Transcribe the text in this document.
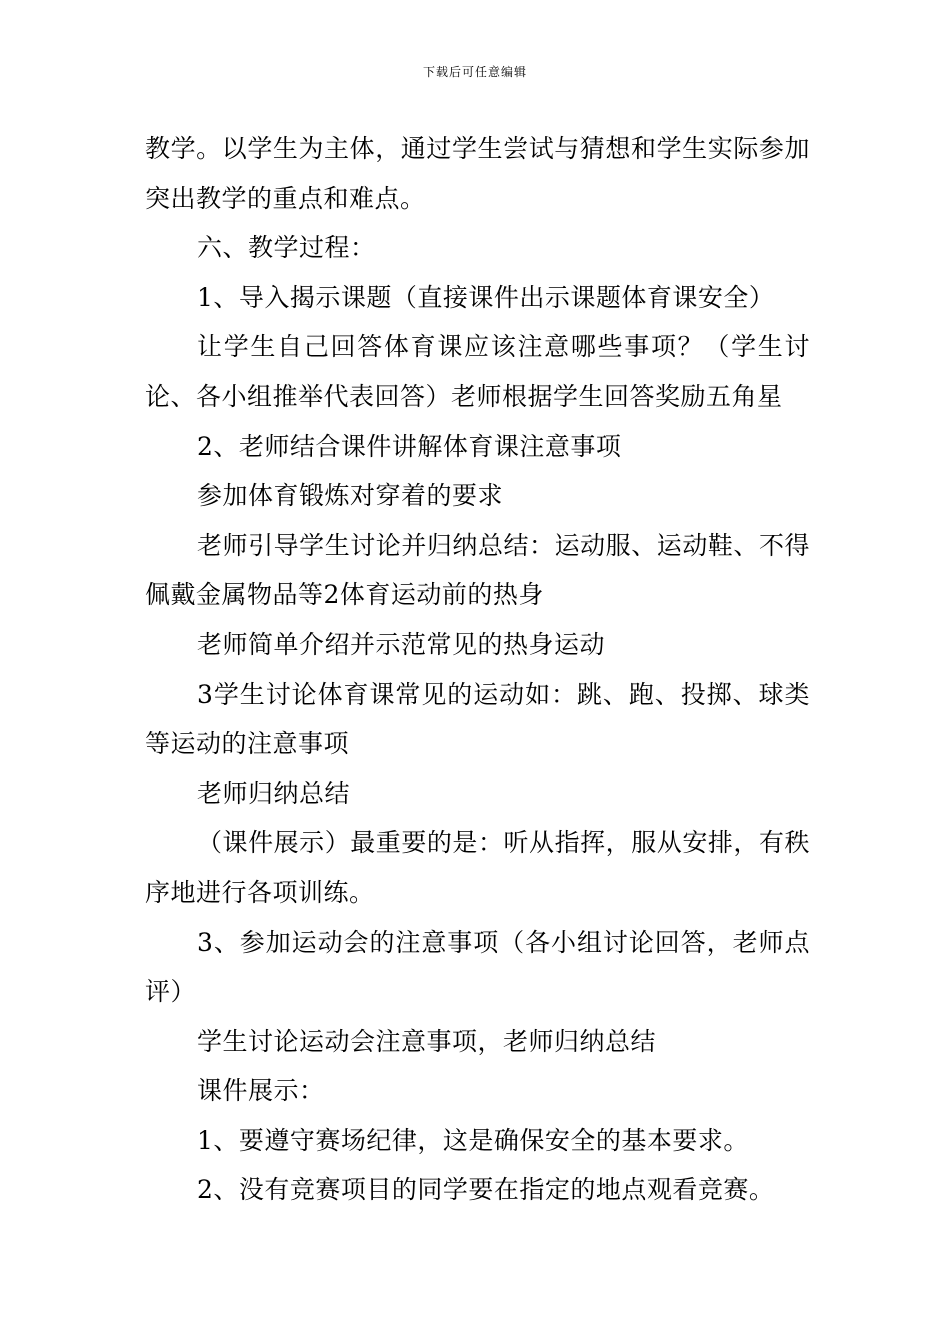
下载后可任意编辑

教学。以学生为主体，通过学生尝试与猜想和学生实际参加突出教学的重点和难点。

六、教学过程：

1、导入揭示课题（直接课件出示课题体育课安全）

让学生自己回答体育课应该注意哪些事项？（学生讨论、各小组推举代表回答）老师根据学生回答奖励五角星

2、老师结合课件讲解体育课注意事项

参加体育锻炼对穿着的要求

老师引导学生讨论并归纳总结：运动服、运动鞋、不得佩戴金属物品等2体育运动前的热身

老师简单介绍并示范常见的热身运动

3学生讨论体育课常见的运动如：跳、跑、投掷、球类等运动的注意事项

老师归纳总结

（课件展示）最重要的是：听从指挥，服从安排，有秩序地进行各项训练。

3、参加运动会的注意事项（各小组讨论回答，老师点评）

学生讨论运动会注意事项，老师归纳总结

课件展示：

1、要遵守赛场纪律，这是确保安全的基本要求。

2、没有竞赛项目的同学要在指定的地点观看竞赛。
